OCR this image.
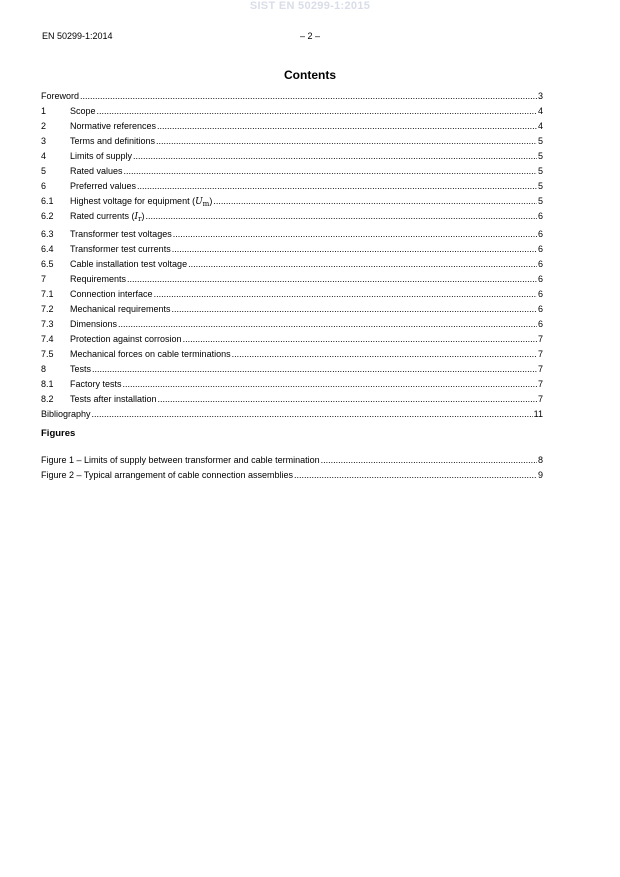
SIST EN 50299-1:2015
EN 50299-1:2014	– 2 –
Contents
Foreword .....	3
1	Scope .....	4
2	Normative references .....	4
3	Terms and definitions .....	5
4	Limits of supply .....	5
5	Rated values .....	5
6	Preferred values .....	5
6.1	Highest voltage for equipment $(U_m)$ .....	5
6.2	Rated currents $(I_r)$ .....	6
6.3	Transformer test voltages .....	6
6.4	Transformer test currents .....	6
6.5	Cable installation test voltage .....	6
7	Requirements .....	6
7.1	Connection interface .....	6
7.2	Mechanical requirements .....	6
7.3	Dimensions .....	6
7.4	Protection against corrosion .....	7
7.5	Mechanical forces on cable terminations .....	7
8	Tests .....	7
8.1	Factory tests .....	7
8.2	Tests after installation .....	7
Bibliography .....	11
Figures
Figure 1 – Limits of supply between transformer and cable termination .....	8
Figure 2 – Typical arrangement of cable connection assemblies .....	9
